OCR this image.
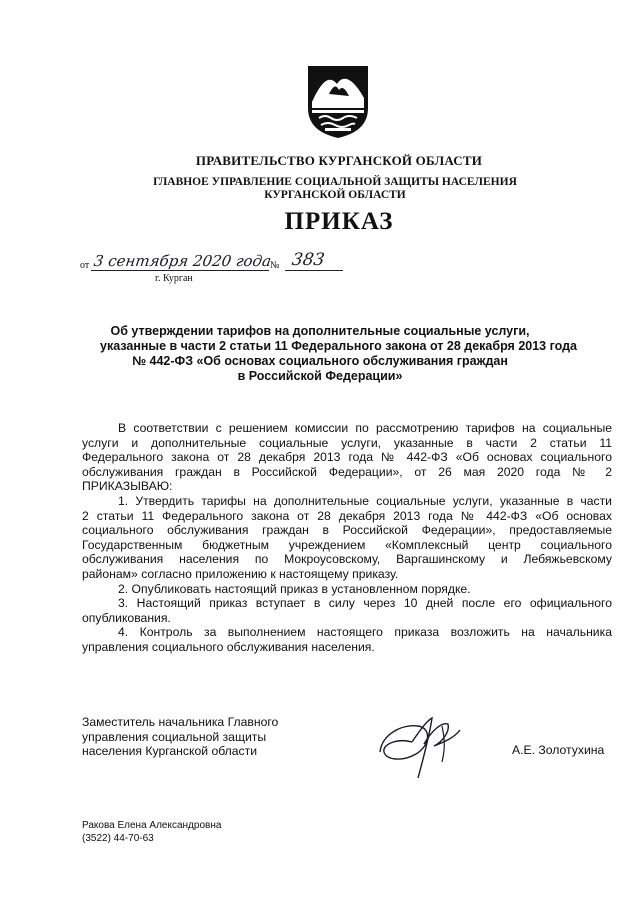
ПРАВИТЕЛЬСТВО КУРГАНСКОЙ ОБЛАСТИ
ГЛАВНОЕ УПРАВЛЕНИЕ СОЦИАЛЬНОЙ ЗАЩИТЫ НАСЕЛЕНИЯ
КУРГАНСКОЙ ОБЛАСТИ
ПРИКАЗ
от 3 сентября 2020 года
№ 383
г. Курган
Об утверждении тарифов на дополнительные социальные услуги,
указанные в части 2 статьи 11 Федерального закона от 28 декабря 2013 года
№ 442-ФЗ «Об основах социального обслуживания граждан
в Российской Федерации»
В соответствии с решением комиссии по рассмотрению тарифов на социальные
услуги и дополнительные социальные услуги, указанные в части 2 статьи 11
Федерального закона от 28 декабря 2013 года № 442-ФЗ «Об основах социального
обслуживания граждан в Российской Федерации», от 26 мая 2020 года № 2
ПРИКАЗЫВАЮ:
1. Утвердить тарифы на дополнительные социальные услуги, указанные в части
2 статьи 11 Федерального закона от 28 декабря 2013 года № 442-ФЗ «Об основах
социального обслуживания граждан в Российской Федерации», предоставляемые
Государственным бюджетным учреждением «Комплексный центр социального
обслуживания населения по Мокроусовскому, Варгашинскому и Лебяжьевскому
районам» согласно приложению к настоящему приказу.
2. Опубликовать настоящий приказ в установленном порядке.
3. Настоящий приказ вступает в силу через 10 дней после его официального
опубликования.
4. Контроль за выполнением настоящего приказа возложить на начальника
управления социального обслуживания населения.
Заместитель начальника Главного
управления социальной защиты
населения Курганской области	А.Е. Золотухина
Ракова Елена Александровна
(3522) 44-70-63
